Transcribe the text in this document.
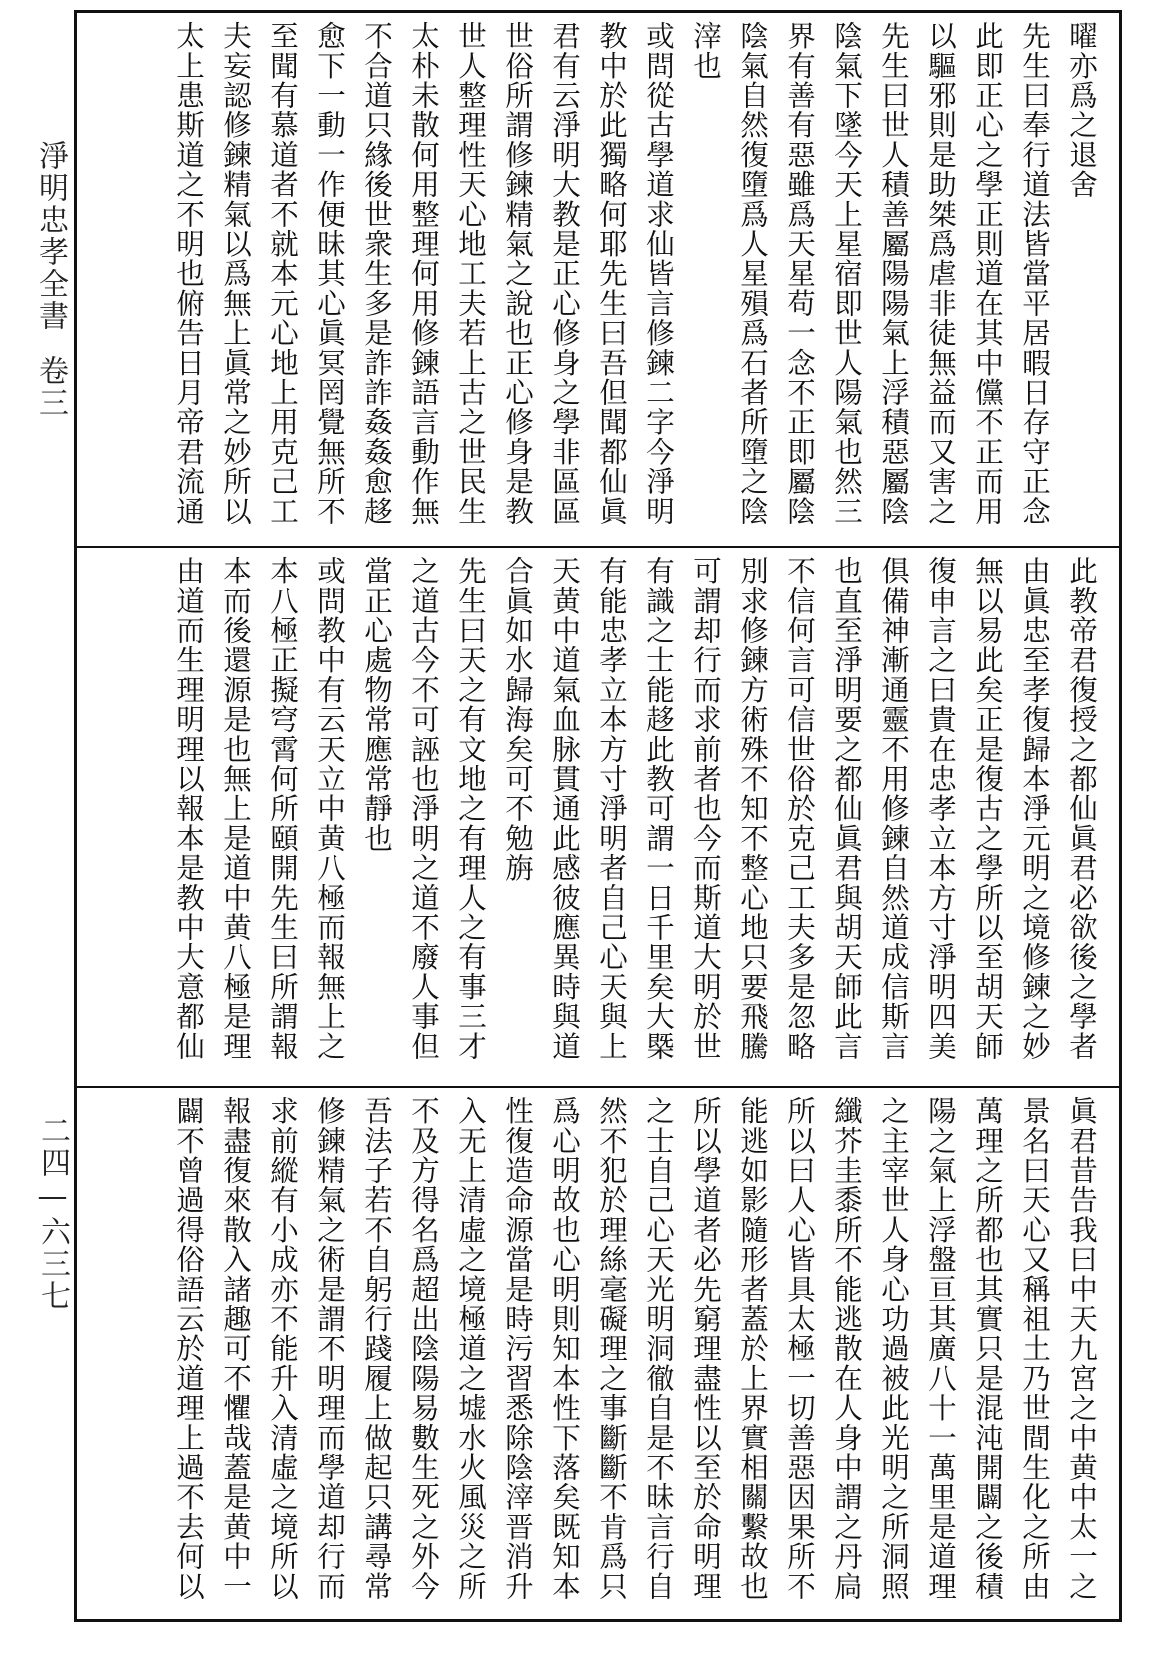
淨明忠孝全書
卷三
二四—六三七
曜亦爲之退舍
先生曰奉行道法皆當平居暇日存守正念
此即正心之學正則道在其中儻不正而用
以驅邪則是助桀爲虐非徒無益而又害之
先生曰世人積善屬陽陽氣上浮積惡屬陰
陰氣下墜今天上星宿即世人陽氣也然三
界有善有惡雖爲天星苟一念不正即屬陰
陰氣自然復墮爲人星殞爲石者所墮之陰
滓也
或問從古學道求仙皆言修鍊二字今淨明
教中於此獨略何耶先生曰吾但聞都仙眞
君有云淨明大教是正心修身之學非區區
世俗所謂修鍊精氣之說也正心修身是教
世人整理性天心地工夫若上古之世民生
太朴未散何用整理何用修鍊語言動作無
不合道只緣後世衆生多是詐詐姦姦愈趍
愈下一動一作便昧其心眞冥罔覺無所不
至聞有慕道者不就本元心地上用克己工
夫妄認修鍊精氣以爲無上眞常之妙所以
太上患斯道之不明也俯告日月帝君流通
此教帝君復授之都仙眞君必欲後之學者
由眞忠至孝復歸本淨元明之境修鍊之妙
無以易此矣正是復古之學所以至胡天師
復申言之曰貴在忠孝立本方寸淨明四美
俱備神漸通靈不用修鍊自然道成信斯言
也直至淨明要之都仙眞君與胡天師此言
不信何言可信世俗於克己工夫多是忽略
別求修鍊方術殊不知不整心地只要飛騰
可謂却行而求前者也今而斯道大明於世
有識之士能趍此教可謂一日千里矣大槩
有能忠孝立本方寸淨明者自己心天與上
天黄中道氣血脉貫通此感彼應異時與道
合眞如水歸海矣可不勉旃
先生曰天之有文地之有理人之有事三才
之道古今不可誣也淨明之道不廢人事但
當正心處物常應常靜也
或問教中有云天立中黄八極而報無上之
本八極正擬穹霄何所頤開先生曰所謂報
本而後還源是也無上是道中黄八極是理
由道而生理明理以報本是教中大意都仙
眞君昔告我曰中天九宮之中黄中太一之
景名曰天心又稱祖土乃世間生化之所由
萬理之所都也其實只是混沌開闢之後積
陽之氣上浮盤亘其廣八十一萬里是道理
之主宰世人身心功過被此光明之所洞照
纖芥圭黍所不能逃散在人身中謂之丹扃
所以曰人心皆具太極一切善惡因果所不
能逃如影隨形者蓋於上界實相關繫故也
所以學道者必先窮理盡性以至於命明理
之士自己心天光明洞徹自是不昧言行自
然不犯於理絲毫礙理之事斷斷不肯爲只
爲心明故也心明則知本性下落矣既知本
性復造命源當是時污習悉除陰滓晋消升
入无上清虛之境極道之墟水火風災之所
不及方得名爲超出陰陽易數生死之外今
吾法子若不自躬行踐履上做起只講尋常
修鍊精氣之術是謂不明理而學道却行而
求前縱有小成亦不能升入清虛之境所以
報盡復來散入諸趣可不懼哉蓋是黄中一
闢不曾過得俗語云於道理上過不去何以
